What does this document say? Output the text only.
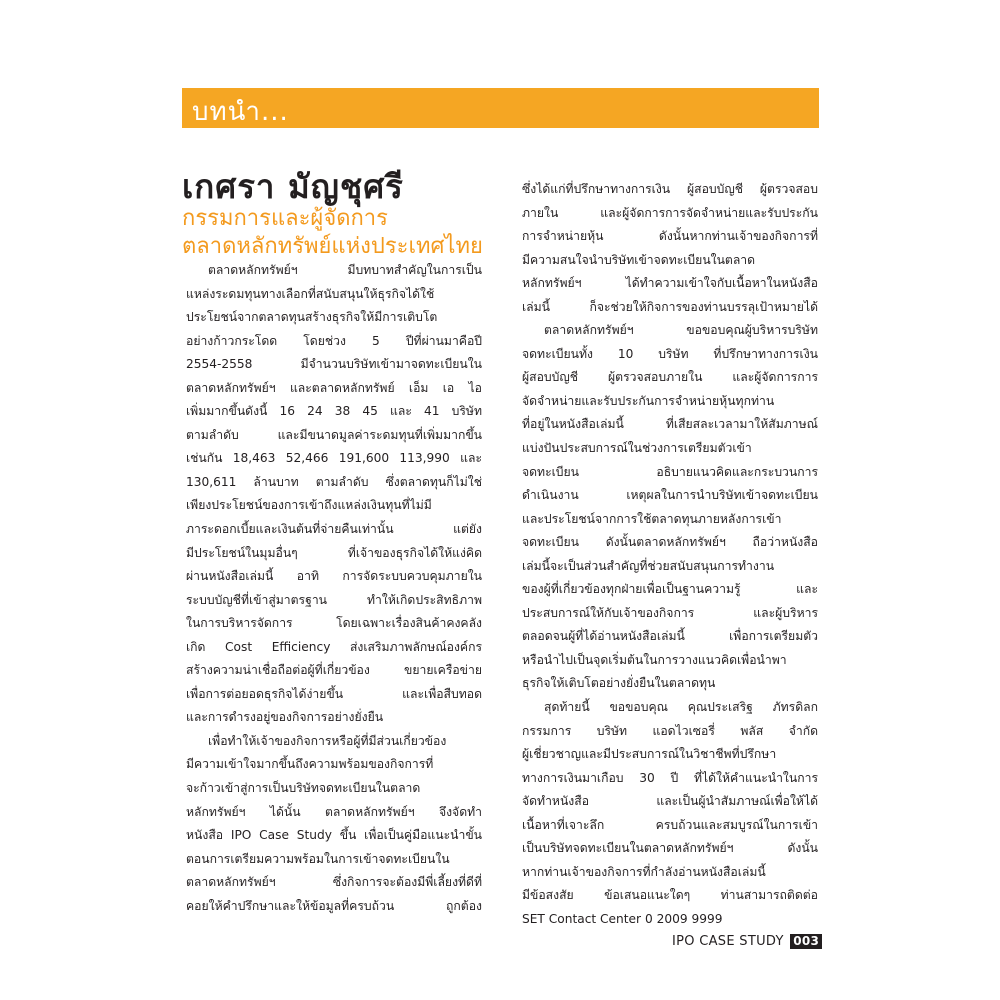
บทนำ...
เกศรา มัญชุศรี
กรรมการและผู้จัดการ
ตลาดหลักทรัพย์แห่งประเทศไทย
ตลาดหลักทรัพย์ฯ มีบทบาทสำคัญในการเป็น
แหล่งระดมทุนทางเลือกที่สนับสนุนให้ธุรกิจได้ใช้
ประโยชน์จากตลาดทุนสร้างธุรกิจให้มีการเติบโต
อย่างก้าวกระโดด โดยช่วง 5 ปีที่ผ่านมาคือปี
2554-2558 มีจำนวนบริษัทเข้ามาจดทะเบียนใน
ตลาดหลักทรัพย์ฯ และตลาดหลักทรัพย์ เอ็ม เอ ไอ
เพิ่มมากขึ้นดังนี้ 16 24 38 45 และ 41 บริษัท
ตามลำดับ และมีขนาดมูลค่าระดมทุนที่เพิ่มมากขึ้น
เช่นกัน 18,463 52,466 191,600 113,990 และ
130,611 ล้านบาท ตามลำดับ ซึ่งตลาดทุนก็ไม่ใช่
เพียงประโยชน์ของการเข้าถึงแหล่งเงินทุนที่ไม่มี
ภาระดอกเบี้ยและเงินต้นที่จ่ายคืนเท่านั้น แต่ยัง
มีประโยชน์ในมุมอื่นๆ ที่เจ้าของธุรกิจได้ให้แง่คิด
ผ่านหนังสือเล่มนี้ อาทิ การจัดระบบควบคุมภายใน
ระบบบัญชีที่เข้าสู่มาตรฐาน ทำให้เกิดประสิทธิภาพ
ในการบริหารจัดการ โดยเฉพาะเรื่องสินค้าคงคลัง
เกิด Cost Efficiency ส่งเสริมภาพลักษณ์องค์กร
สร้างความน่าเชื่อถือต่อผู้ที่เกี่ยวข้อง ขยายเครือข่าย
เพื่อการต่อยอดธุรกิจได้ง่ายขึ้น และเพื่อสืบทอด
และการดำรงอยู่ของกิจการอย่างยั่งยืน
เพื่อทำให้เจ้าของกิจการหรือผู้ที่มีส่วนเกี่ยวข้อง
มีความเข้าใจมากขึ้นถึงความพร้อมของกิจการที่
จะก้าวเข้าสู่การเป็นบริษัทจดทะเบียนในตลาด
หลักทรัพย์ฯ ได้นั้น ตลาดหลักทรัพย์ฯ จึงจัดทำ
หนังสือ IPO Case Study ขึ้น เพื่อเป็นคู่มือแนะนำขั้น
ตอนการเตรียมความพร้อมในการเข้าจดทะเบียนใน
ตลาดหลักทรัพย์ฯ ซึ่งกิจการจะต้องมีพี่เลี้ยงที่ดีที่
คอยให้คำปรึกษาและให้ข้อมูลที่ครบถ้วน ถูกต้อง
ซึ่งได้แก่ที่ปรึกษาทางการเงิน ผู้สอบบัญชี ผู้ตรวจสอบ
ภายใน และผู้จัดการการจัดจำหน่ายและรับประกัน
การจำหน่ายหุ้น ดังนั้นหากท่านเจ้าของกิจการที่
มีความสนใจนำบริษัทเข้าจดทะเบียนในตลาด
หลักทรัพย์ฯ ได้ทำความเข้าใจกับเนื้อหาในหนังสือ
เล่มนี้ ก็จะช่วยให้กิจการของท่านบรรลุเป้าหมายได้
ตลาดหลักทรัพย์ฯ ขอขอบคุณผู้บริหารบริษัท
จดทะเบียนทั้ง 10 บริษัท ที่ปรึกษาทางการเงิน
ผู้สอบบัญชี ผู้ตรวจสอบภายใน และผู้จัดการการ
จัดจำหน่ายและรับประกันการจำหน่ายหุ้นทุกท่าน
ที่อยู่ในหนังสือเล่มนี้ ที่เสียสละเวลามาให้สัมภาษณ์
แบ่งปันประสบการณ์ในช่วงการเตรียมตัวเข้า
จดทะเบียน อธิบายแนวคิดและกระบวนการ
ดำเนินงาน เหตุผลในการนำบริษัทเข้าจดทะเบียน
และประโยชน์จากการใช้ตลาดทุนภายหลังการเข้า
จดทะเบียน ดังนั้นตลาดหลักทรัพย์ฯ ถือว่าหนังสือ
เล่มนี้จะเป็นส่วนสำคัญที่ช่วยสนับสนุนการทำงาน
ของผู้ที่เกี่ยวข้องทุกฝ่ายเพื่อเป็นฐานความรู้ และ
ประสบการณ์ให้กับเจ้าของกิจการ และผู้บริหาร
ตลอดจนผู้ที่ได้อ่านหนังสือเล่มนี้ เพื่อการเตรียมตัว
หรือนำไปเป็นจุดเริ่มต้นในการวางแนวคิดเพื่อนำพา
ธุรกิจให้เติบโตอย่างยั่งยืนในตลาดทุน
สุดท้ายนี้ ขอขอบคุณ คุณประเสริฐ ภัทรดิลก
กรรมการ บริษัท แอดไวเซอรี่ พลัส จำกัด
ผู้เชี่ยวชาญและมีประสบการณ์ในวิชาชีพที่ปรึกษา
ทางการเงินมาเกือบ 30 ปี ที่ได้ให้คำแนะนำในการ
จัดทำหนังสือ และเป็นผู้นำสัมภาษณ์เพื่อให้ได้
เนื้อหาที่เจาะลึก ครบถ้วนและสมบูรณ์ในการเข้า
เป็นบริษัทจดทะเบียนในตลาดหลักทรัพย์ฯ ดังนั้น
หากท่านเจ้าของกิจการที่กำลังอ่านหนังสือเล่มนี้
มีข้อสงสัย ข้อเสนอแนะใดๆ ท่านสามารถติดต่อ
SET Contact Center 0 2009 9999
IPO CASE STUDY 003
